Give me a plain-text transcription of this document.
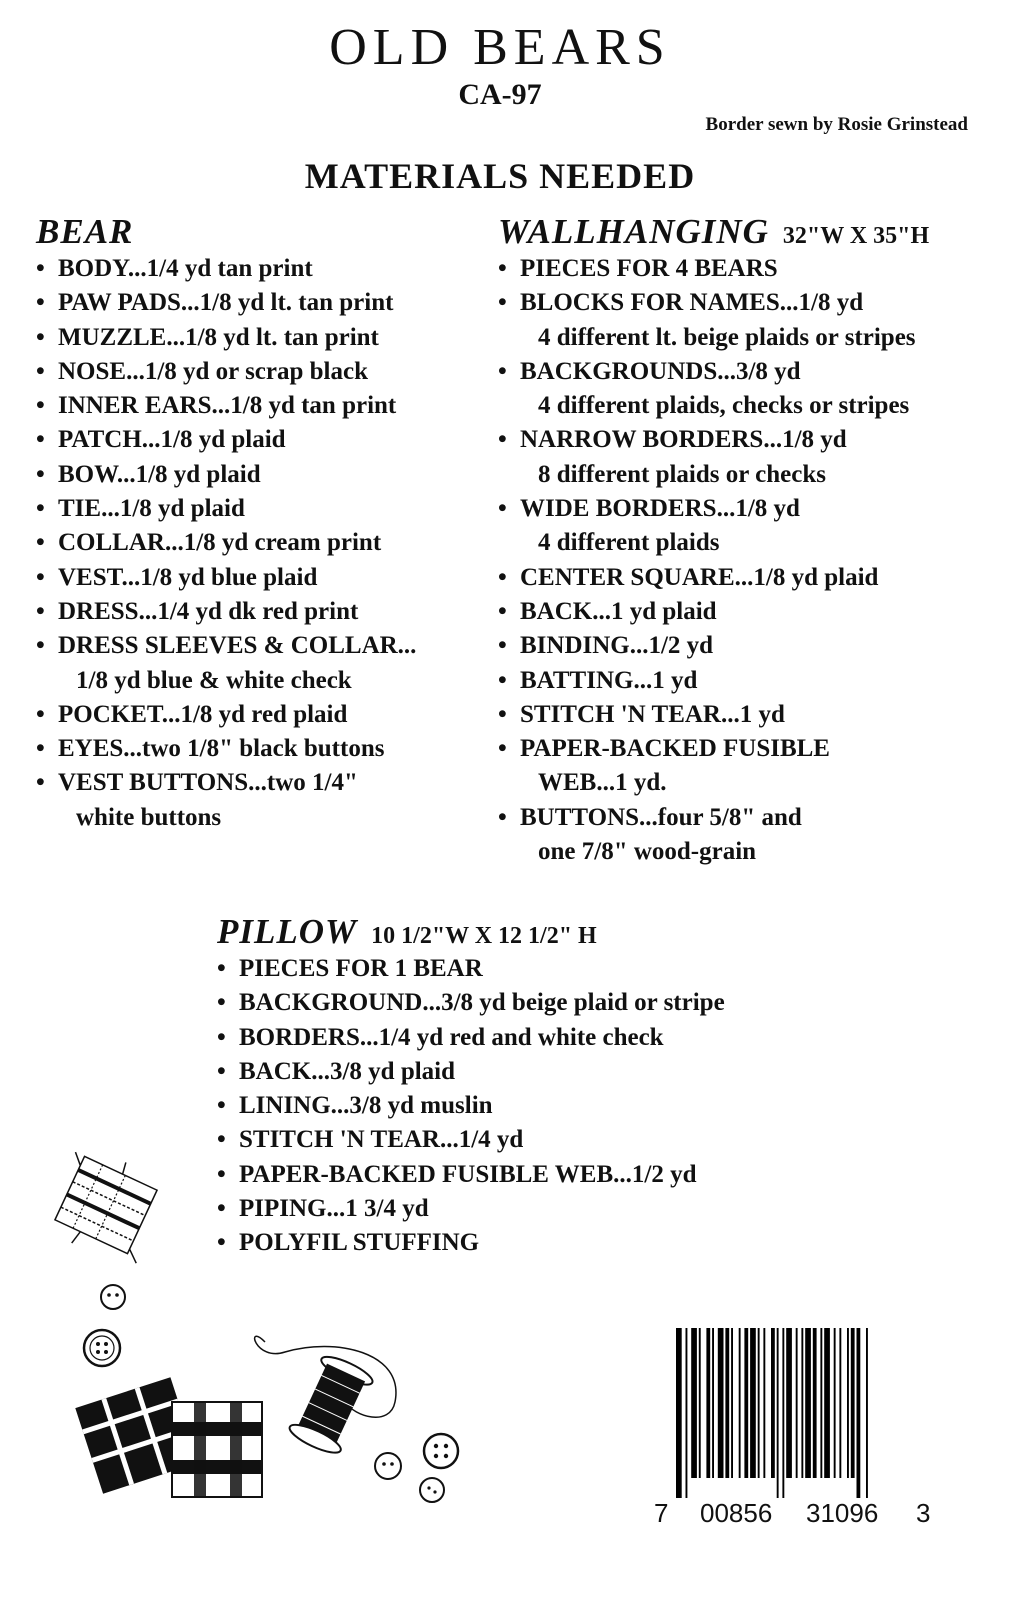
OLD BEARS
CA-97
Border sewn by Rosie Grinstead
MATERIALS NEEDED
BEAR
• BODY...1/4 yd tan print
• PAW PADS...1/8 yd lt. tan print
• MUZZLE...1/8 yd lt. tan print
• NOSE...1/8 yd or scrap black
• INNER EARS...1/8 yd tan print
• PATCH...1/8 yd plaid
• BOW...1/8 yd plaid
• TIE...1/8 yd plaid
• COLLAR...1/8 yd cream print
• VEST...1/8 yd blue plaid
• DRESS...1/4 yd dk red print
• DRESS SLEEVES & COLLAR...
1/8 yd blue & white check
• POCKET...1/8 yd red plaid
• EYES...two 1/8" black buttons
• VEST BUTTONS...two 1/4"
white buttons
WALLHANGING 32"W X 35"H
• PIECES FOR 4 BEARS
• BLOCKS FOR NAMES...1/8 yd
4 different lt. beige plaids or stripes
• BACKGROUNDS...3/8 yd
4 different plaids, checks or stripes
• NARROW BORDERS...1/8 yd
8 different plaids or checks
• WIDE BORDERS...1/8 yd
4 different plaids
• CENTER SQUARE...1/8 yd plaid
• BACK...1 yd plaid
• BINDING...1/2 yd
• BATTING...1 yd
• STITCH 'N TEAR...1 yd
• PAPER-BACKED FUSIBLE
WEB...1 yd.
• BUTTONS...four 5/8" and
one 7/8" wood-grain
PILLOW 10 1/2"W X 12 1/2" H
• PIECES FOR 1 BEAR
• BACKGROUND...3/8 yd beige plaid or stripe
• BORDERS...1/4 yd red and white check
• BACK...3/8 yd plaid
• LINING...3/8 yd muslin
• STITCH 'N TEAR...1/4 yd
• PAPER-BACKED FUSIBLE WEB...1/2 yd
• PIPING...1 3/4 yd
• POLYFIL STUFFING
7 00856 31096 3
